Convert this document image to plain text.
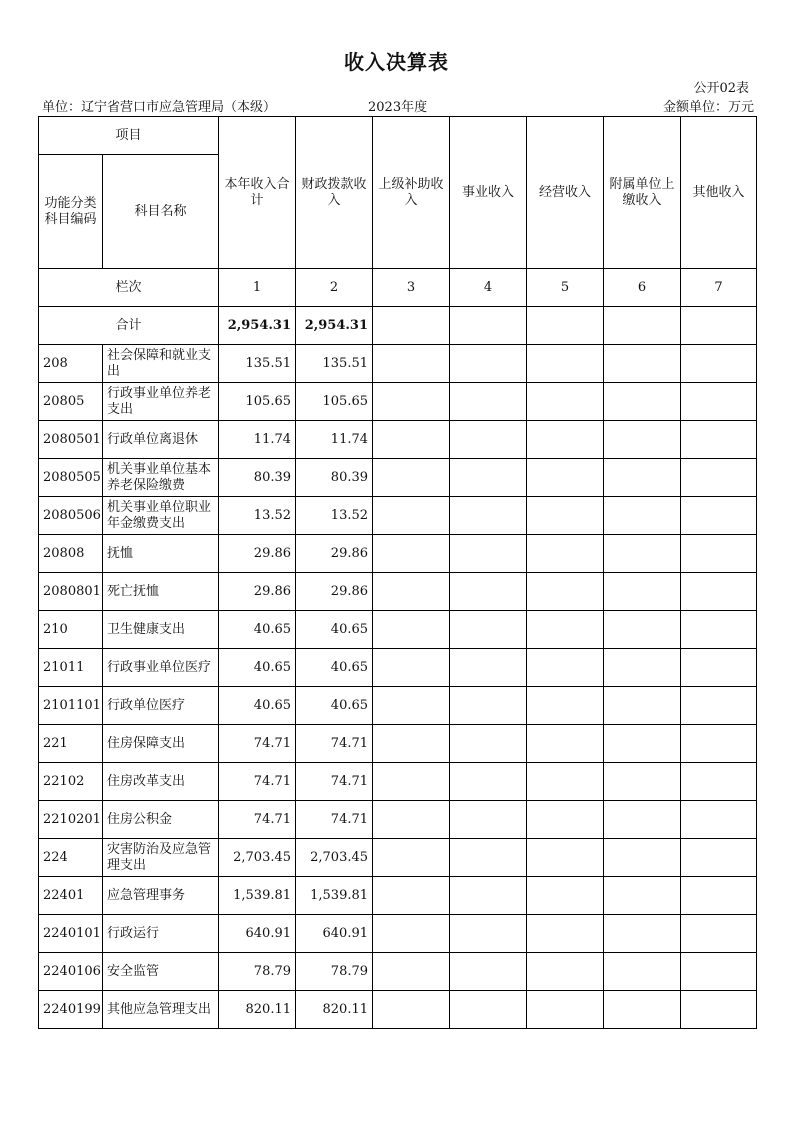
收入决算表
公开02表
单位：辽宁省营口市应急管理局（本级）	2023年度	金额单位：万元
项目		本年收入合计	财政拨款收入	上级补助收入	事业收入	经营收入	附属单位上缴收入	其他收入
功能分类科目编码	科目名称							
栏次		1	2	3	4	5	6	7
合计		2,954.31	2,954.31					
208	社会保障和就业支出	135.51	135.51					
20805	行政事业单位养老支出	105.65	105.65					
2080501	行政单位离退休	11.74	11.74					
2080505	机关事业单位基本养老保险缴费	80.39	80.39					
2080506	机关事业单位职业年金缴费支出	13.52	13.52					
20808	抚恤	29.86	29.86					
2080801	死亡抚恤	29.86	29.86					
210	卫生健康支出	40.65	40.65					
21011	行政事业单位医疗	40.65	40.65					
2101101	行政单位医疗	40.65	40.65					
221	住房保障支出	74.71	74.71					
22102	住房改革支出	74.71	74.71					
2210201	住房公积金	74.71	74.71					
224	灾害防治及应急管理支出	2,703.45	2,703.45					
22401	应急管理事务	1,539.81	1,539.81					
2240101	行政运行	640.91	640.91					
2240106	安全监管	78.79	78.79					
2240199	其他应急管理支出	820.11	820.11					
